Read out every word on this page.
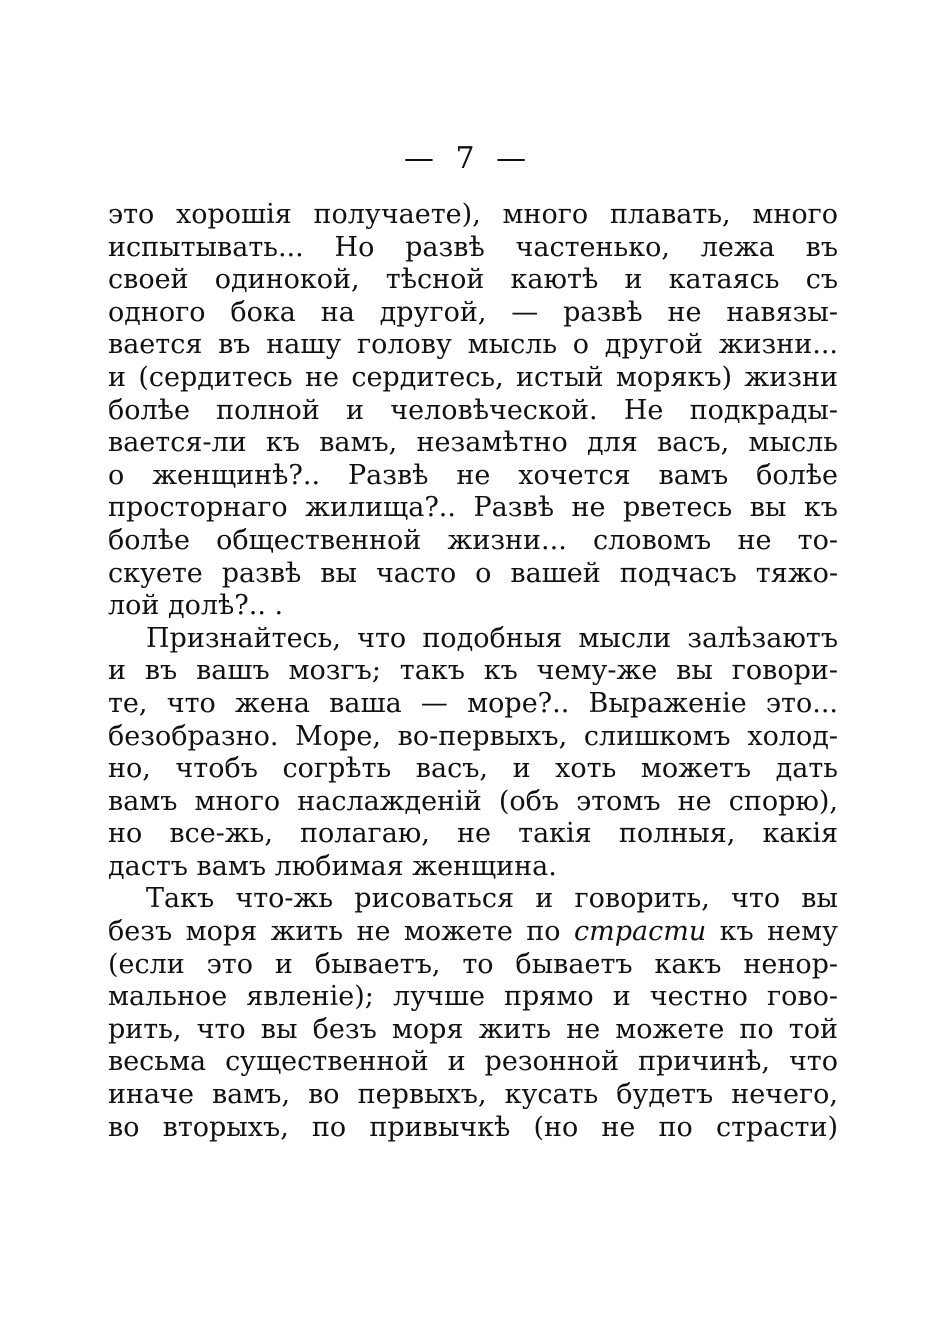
— 7 —
это хорошія получаете), много плавать, много
испытывать... Но развѣ частенько, лежа въ
своей одинокой, тѣсной каютѣ и катаясь съ
одного бока на другой, — развѣ не навязы-
вается въ нашу голову мысль о другой жизни...
и (сердитесь не сердитесь, истый морякъ) жизни
болѣе полной и человѣческой. Не подкрады-
вается-ли къ вамъ, незамѣтно для васъ, мысль
о женщинѣ?.. Развѣ не хочется вамъ болѣе
просторнаго жилища?.. Развѣ не рветесь вы къ
болѣе общественной жизни... словомъ не то-
скуете развѣ вы часто о вашей подчасъ тяжо-
лой долѣ?.. .
Признайтесь, что подобныя мысли залѣзаютъ
и въ вашъ мозгъ; такъ къ чему-же вы говори-
те, что жена ваша — море?.. Выраженіе это...
безобразно. Море, во-первыхъ, слишкомъ холод-
но, чтобъ согрѣть васъ, и хоть можетъ дать
вамъ много наслажденій (объ этомъ не спорю),
но все-жь, полагаю, не такія полныя, какія
дастъ вамъ любимая женщина.
Такъ что-жь рисоваться и говорить, что вы
безъ моря жить не можете по страсти къ нему
(если это и бываетъ, то бываетъ какъ ненор-
мальное явленіе); лучше прямо и честно гово-
рить, что вы безъ моря жить не можете по той
весьма существенной и резонной причинѣ, что
иначе вамъ, во первыхъ, кусать будетъ нечего,
во вторыхъ, по привычкѣ (но не по страсти)
